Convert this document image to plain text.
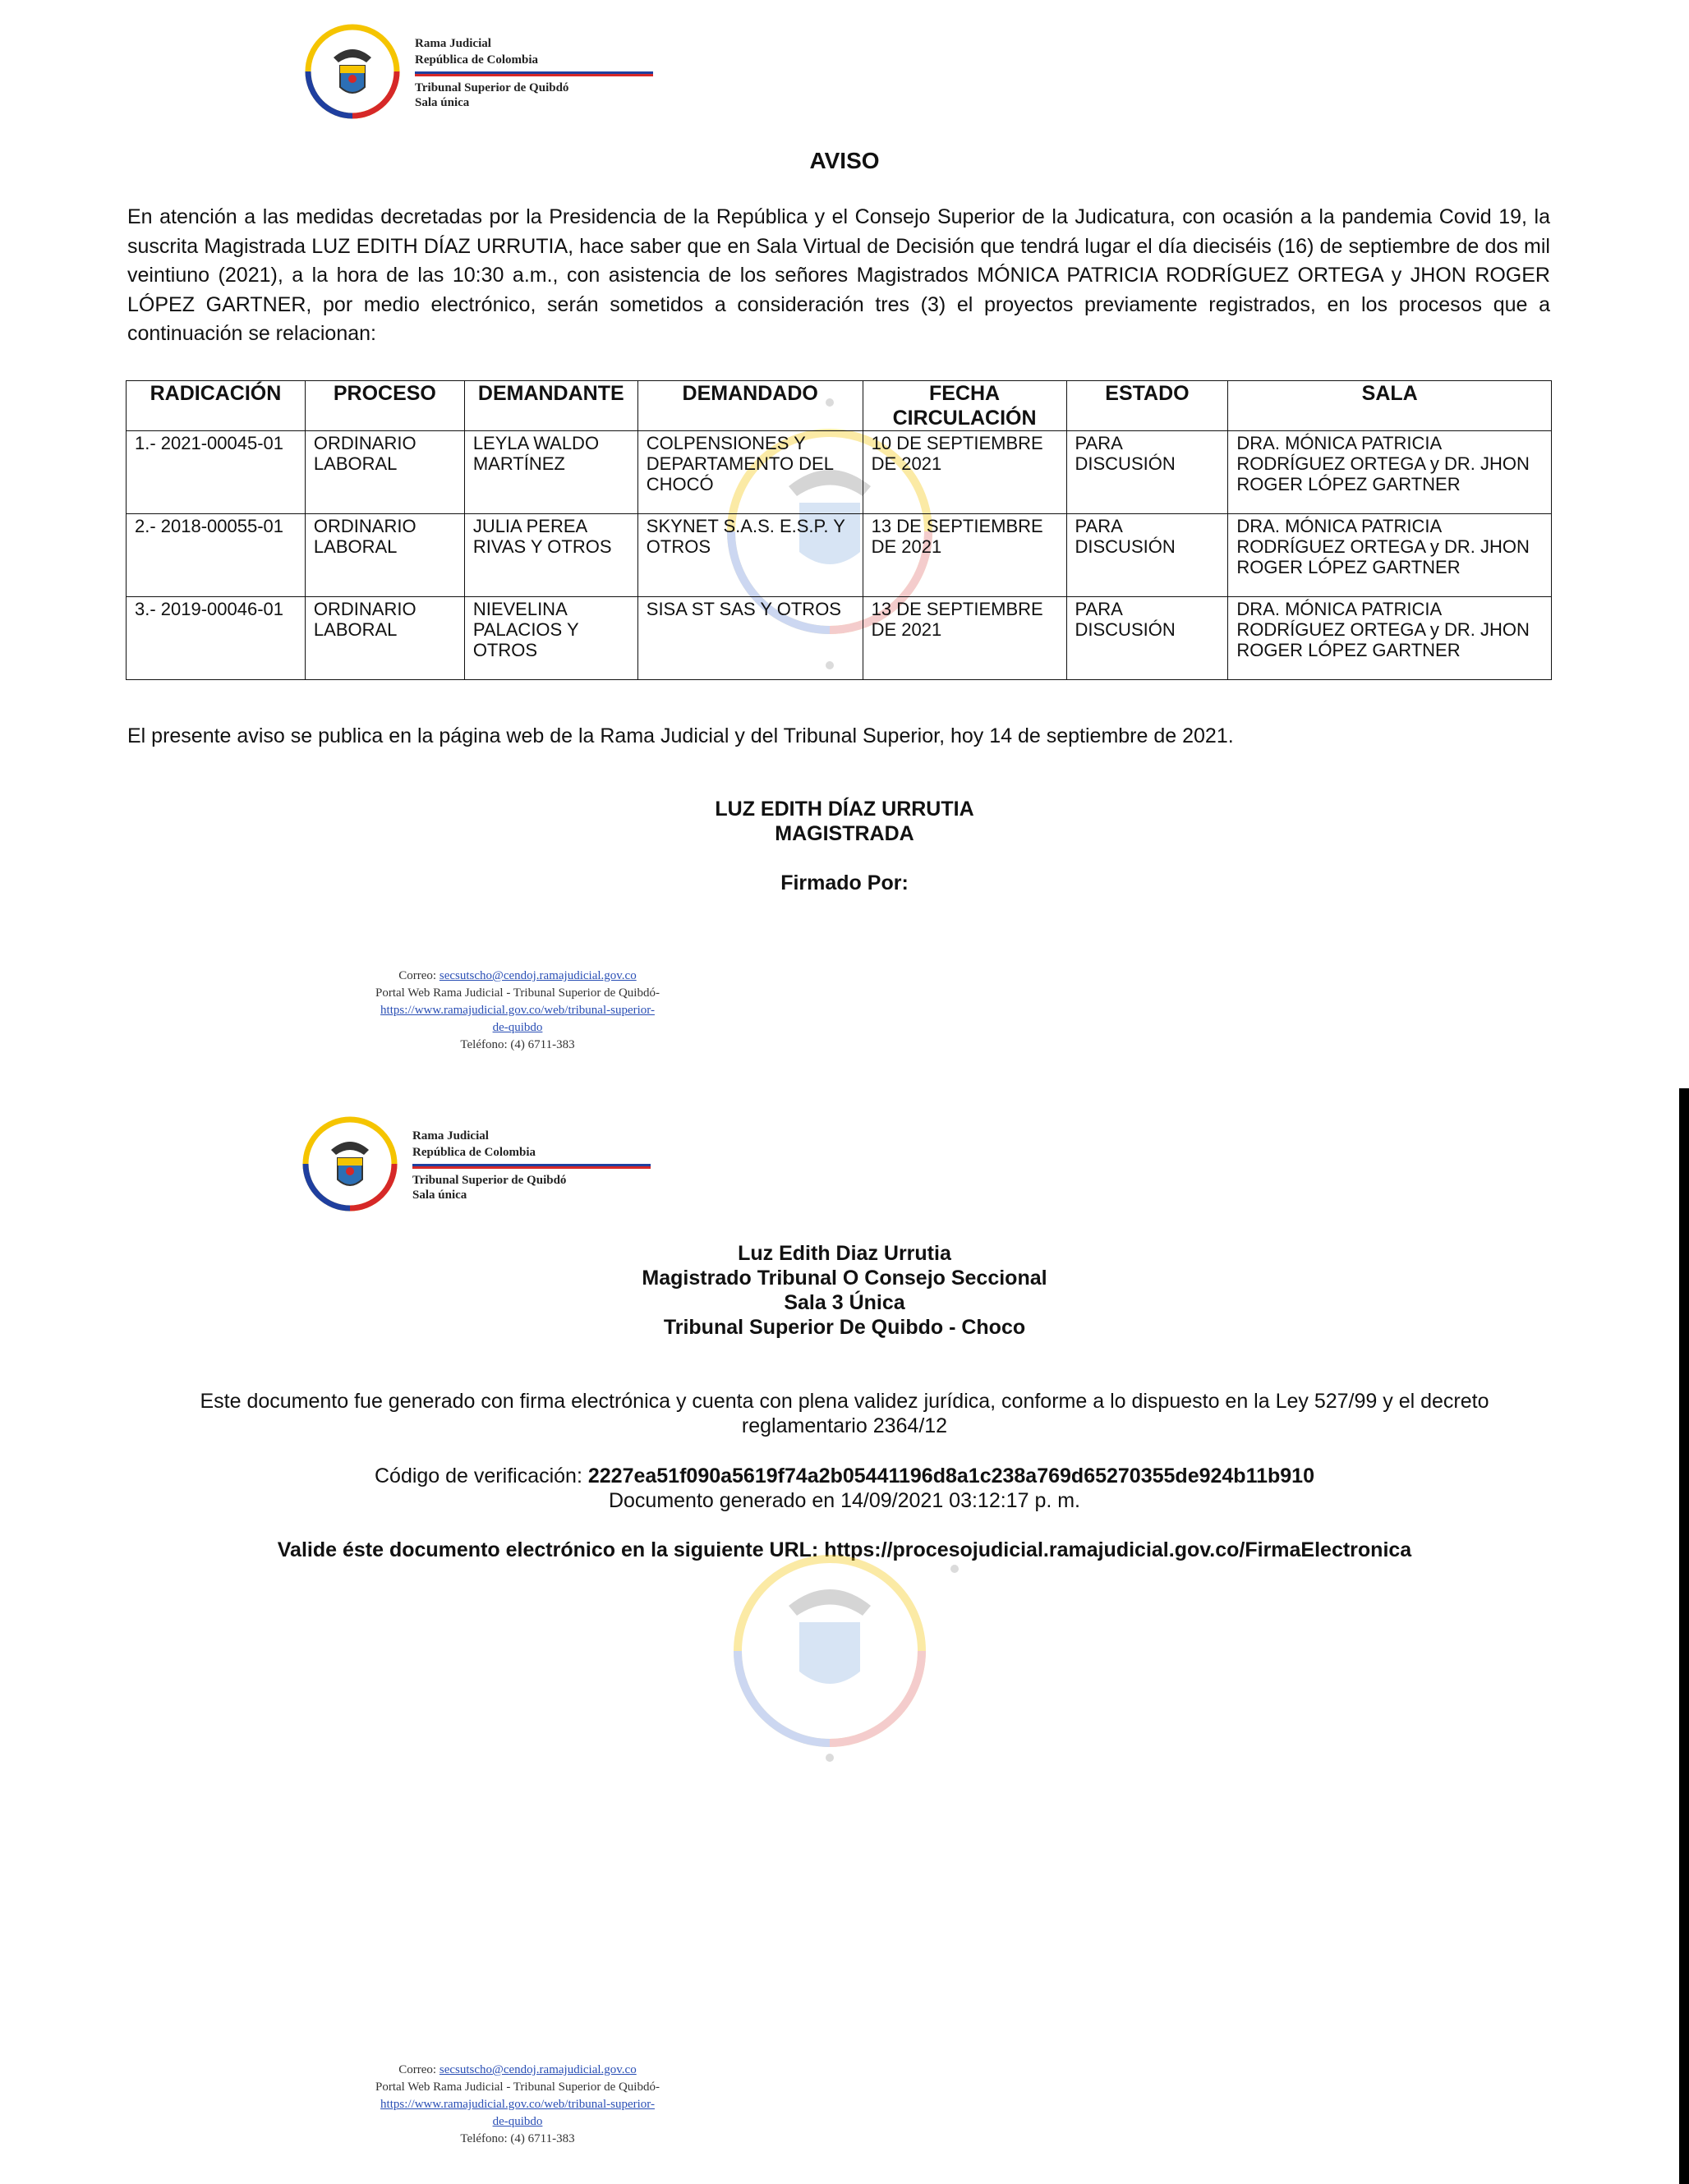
Rama Judicial
República de Colombia
Tribunal Superior de Quibdó
Sala única
AVISO
En atención a las medidas decretadas por la Presidencia de la República y el Consejo Superior de la Judicatura, con ocasión a la pandemia Covid 19, la suscrita Magistrada LUZ EDITH DÍAZ URRUTIA, hace saber que en Sala Virtual de Decisión que tendrá lugar el día dieciséis (16) de septiembre de dos mil veintiuno (2021), a la hora de las 10:30 a.m., con asistencia de los señores Magistrados MÓNICA PATRICIA RODRÍGUEZ ORTEGA y JHON ROGER LÓPEZ GARTNER, por medio electrónico, serán sometidos a consideración tres (3) el proyectos previamente registrados, en los procesos que a continuación se relacionan:
RADICACIÓN	PROCESO	DEMANDANTE	DEMANDADO	FECHA CIRCULACIÓN	ESTADO	SALA
1.- 2021-00045-01	ORDINARIO LABORAL	LEYLA WALDO MARTÍNEZ	COLPENSIONES Y DEPARTAMENTO DEL CHOCÓ	10 DE SEPTIEMBRE DE 2021	PARA DISCUSIÓN	DRA. MÓNICA PATRICIA RODRÍGUEZ ORTEGA y DR. JHON ROGER LÓPEZ GARTNER
2.- 2018-00055-01	ORDINARIO LABORAL	JULIA PEREA RIVAS Y OTROS	SKYNET S.A.S. E.S.P. Y OTROS	13 DE SEPTIEMBRE DE 2021	PARA DISCUSIÓN	DRA. MÓNICA PATRICIA RODRÍGUEZ ORTEGA y DR. JHON ROGER LÓPEZ GARTNER
3.- 2019-00046-01	ORDINARIO LABORAL	NIEVELINA PALACIOS Y OTROS	SISA ST SAS Y OTROS	13 DE SEPTIEMBRE DE 2021	PARA DISCUSIÓN	DRA. MÓNICA PATRICIA RODRÍGUEZ ORTEGA y DR. JHON ROGER LÓPEZ GARTNER
El presente aviso se publica en la página web de la Rama Judicial y del Tribunal Superior, hoy 14 de septiembre de 2021.
LUZ EDITH DÍAZ URRUTIA
MAGISTRADA
Firmado Por:
Correo: secsutscho@cendoj.ramajudicial.gov.co
Portal Web Rama Judicial - Tribunal Superior de Quibdó-
https://www.ramajudicial.gov.co/web/tribunal-superior-
de-quibdo
Teléfono: (4) 6711-383
Rama Judicial
República de Colombia
Tribunal Superior de Quibdó
Sala única
Luz Edith Diaz Urrutia
Magistrado Tribunal O Consejo Seccional
Sala 3 Única
Tribunal Superior De Quibdo - Choco
Este documento fue generado con firma electrónica y cuenta con plena validez jurídica, conforme a lo dispuesto en la Ley 527/99 y el decreto
reglamentario 2364/12
Código de verificación: 2227ea51f090a5619f74a2b05441196d8a1c238a769d65270355de924b11b910
Documento generado en 14/09/2021 03:12:17 p. m.
Valide éste documento electrónico en la siguiente URL: https://procesojudicial.ramajudicial.gov.co/FirmaElectronica
Correo: secsutscho@cendoj.ramajudicial.gov.co
Portal Web Rama Judicial - Tribunal Superior de Quibdó-
https://www.ramajudicial.gov.co/web/tribunal-superior-
de-quibdo
Teléfono: (4) 6711-383
